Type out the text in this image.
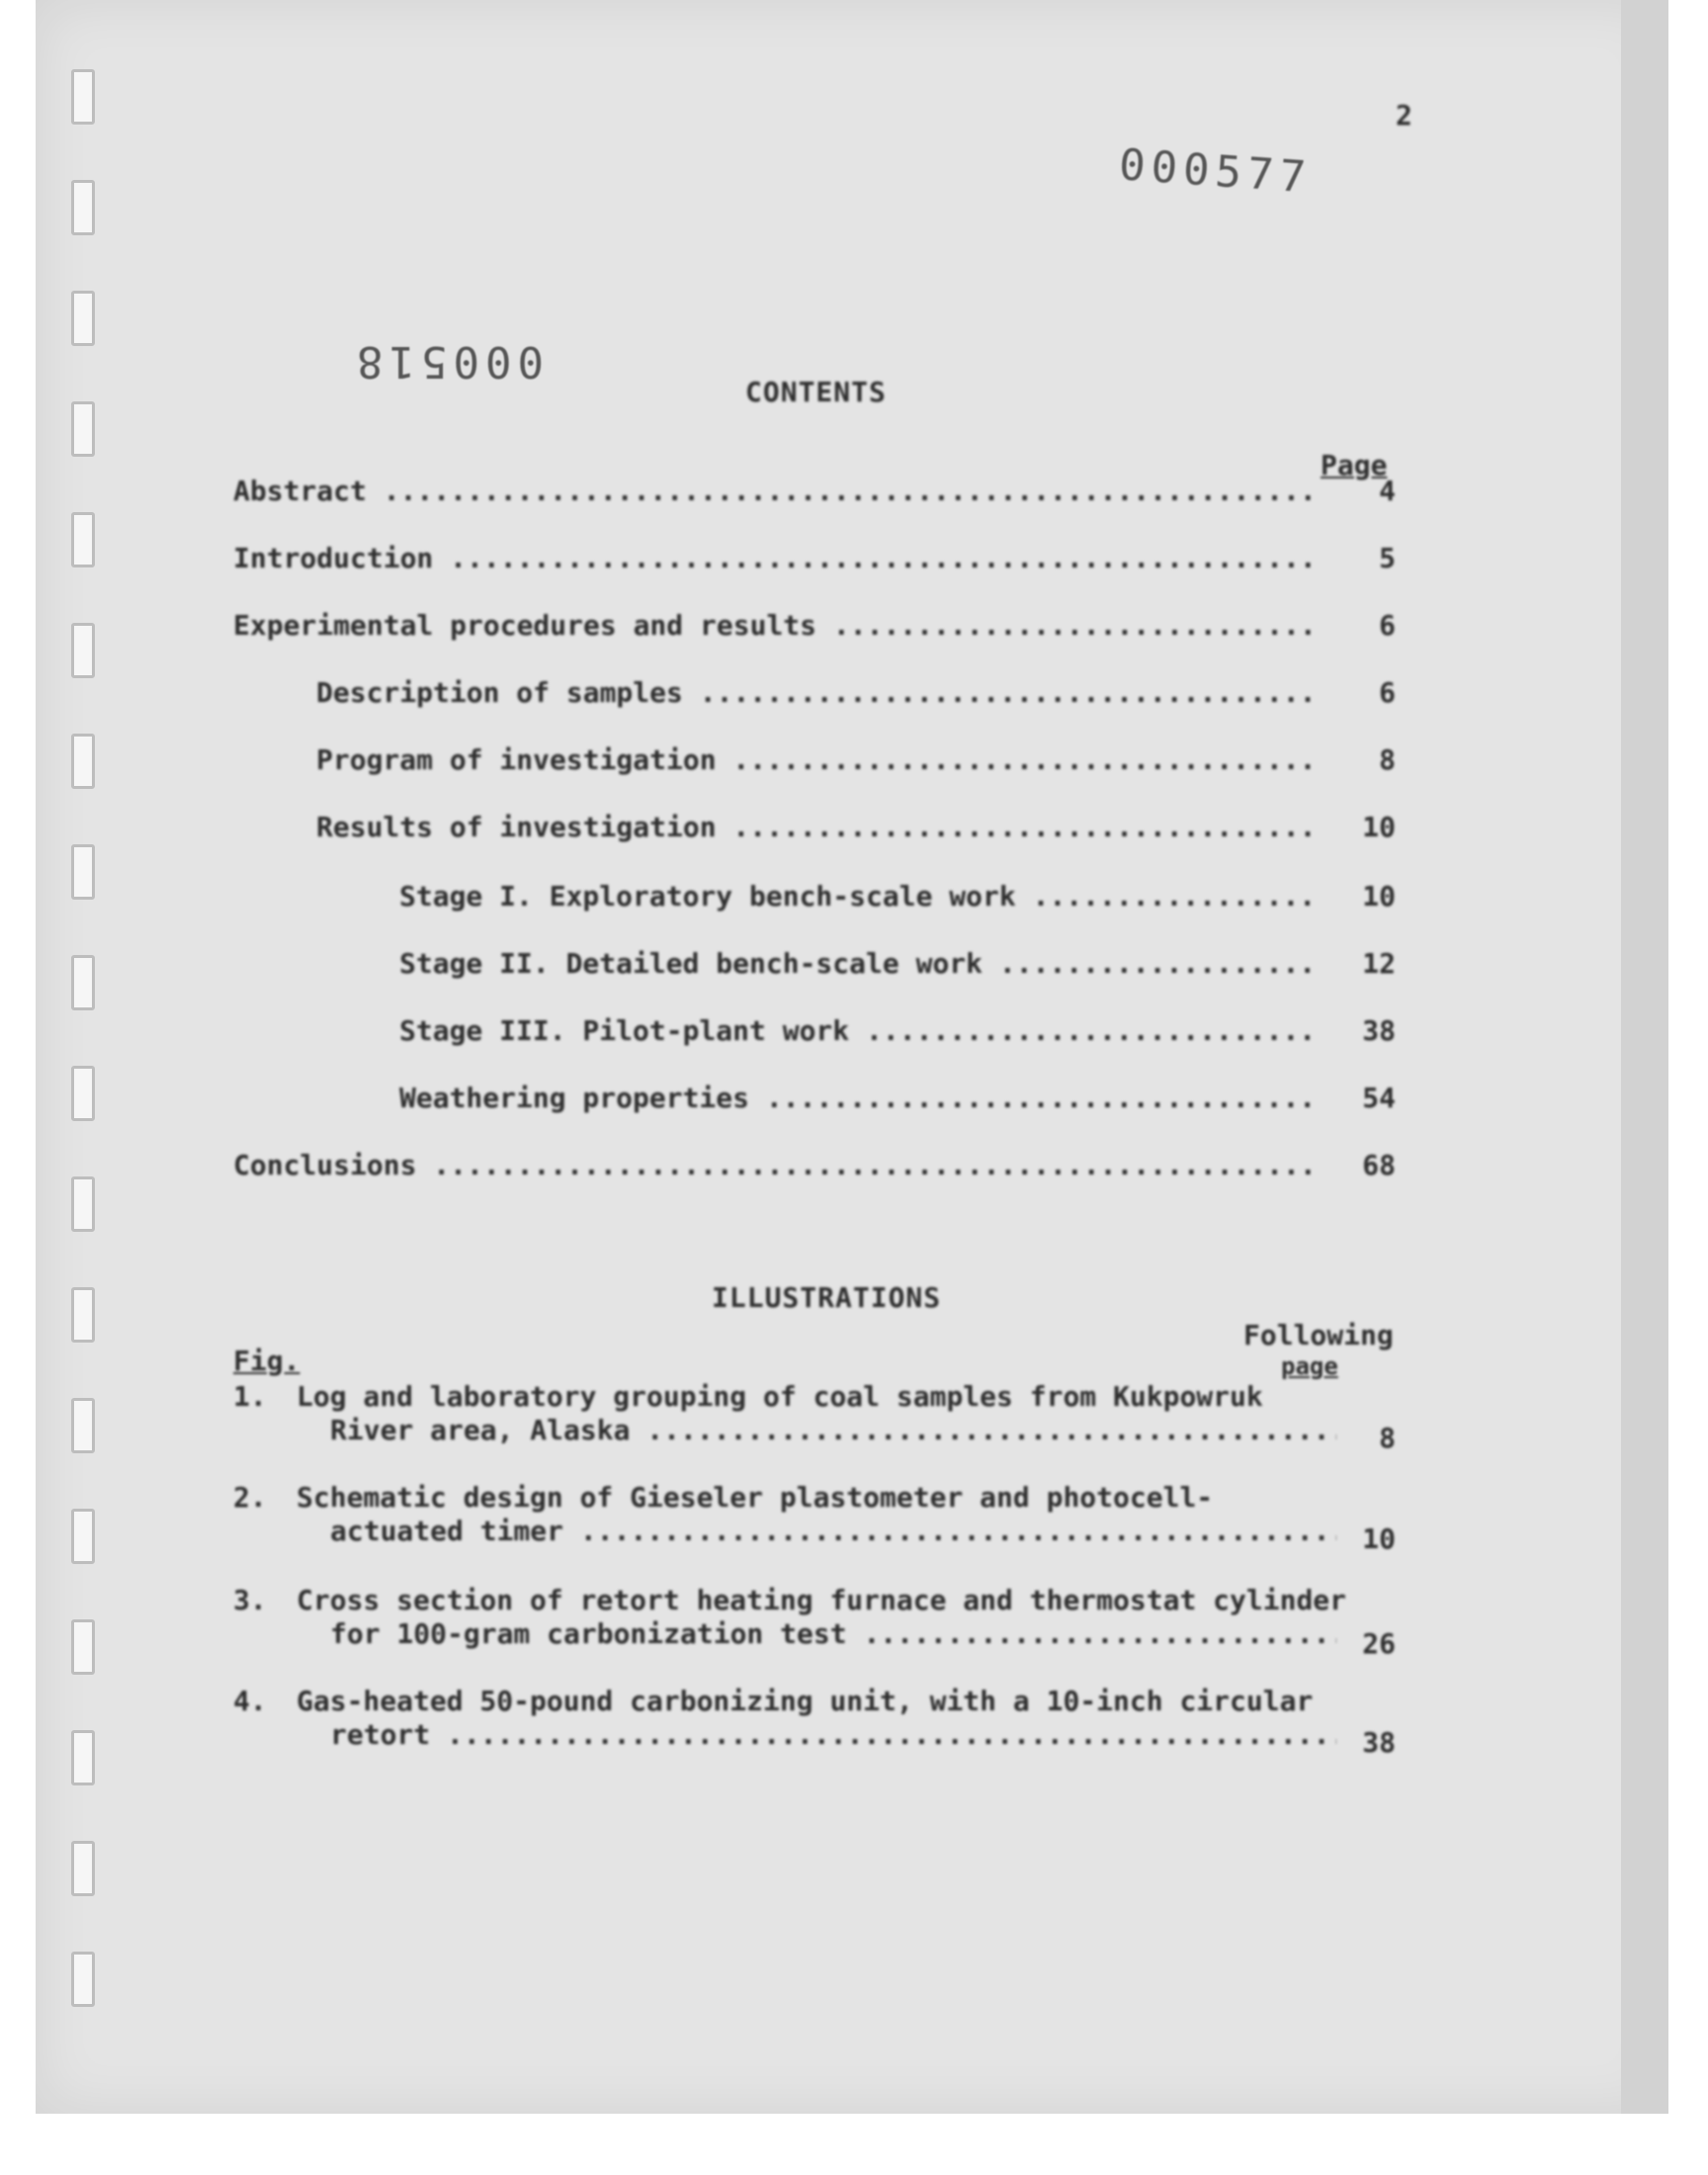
2
000577
000518
CONTENTS
Page
Abstract .....	4
Introduction .....	5
Experimental procedures and results .....	6
Description of samples .....	6
Program of investigation .....	8
Results of investigation .....	10
Stage I. Exploratory bench-scale work .....	10
Stage II. Detailed bench-scale work .....	12
Stage III. Pilot-plant work .....	38
Weathering properties .....	54
Conclusions .....	68
ILLUSTRATIONS
Following
page
Fig.
1. Log and laboratory grouping of coal samples from Kukpowruk
River area, Alaska .....	8
2. Schematic design of Gieseler plastometer and photocell-
actuated timer .....	10
3. Cross section of retort heating furnace and thermostat cylinder
for 100-gram carbonization test .....	26
4. Gas-heated 50-pound carbonizing unit, with a 10-inch circular
retort .....	38
